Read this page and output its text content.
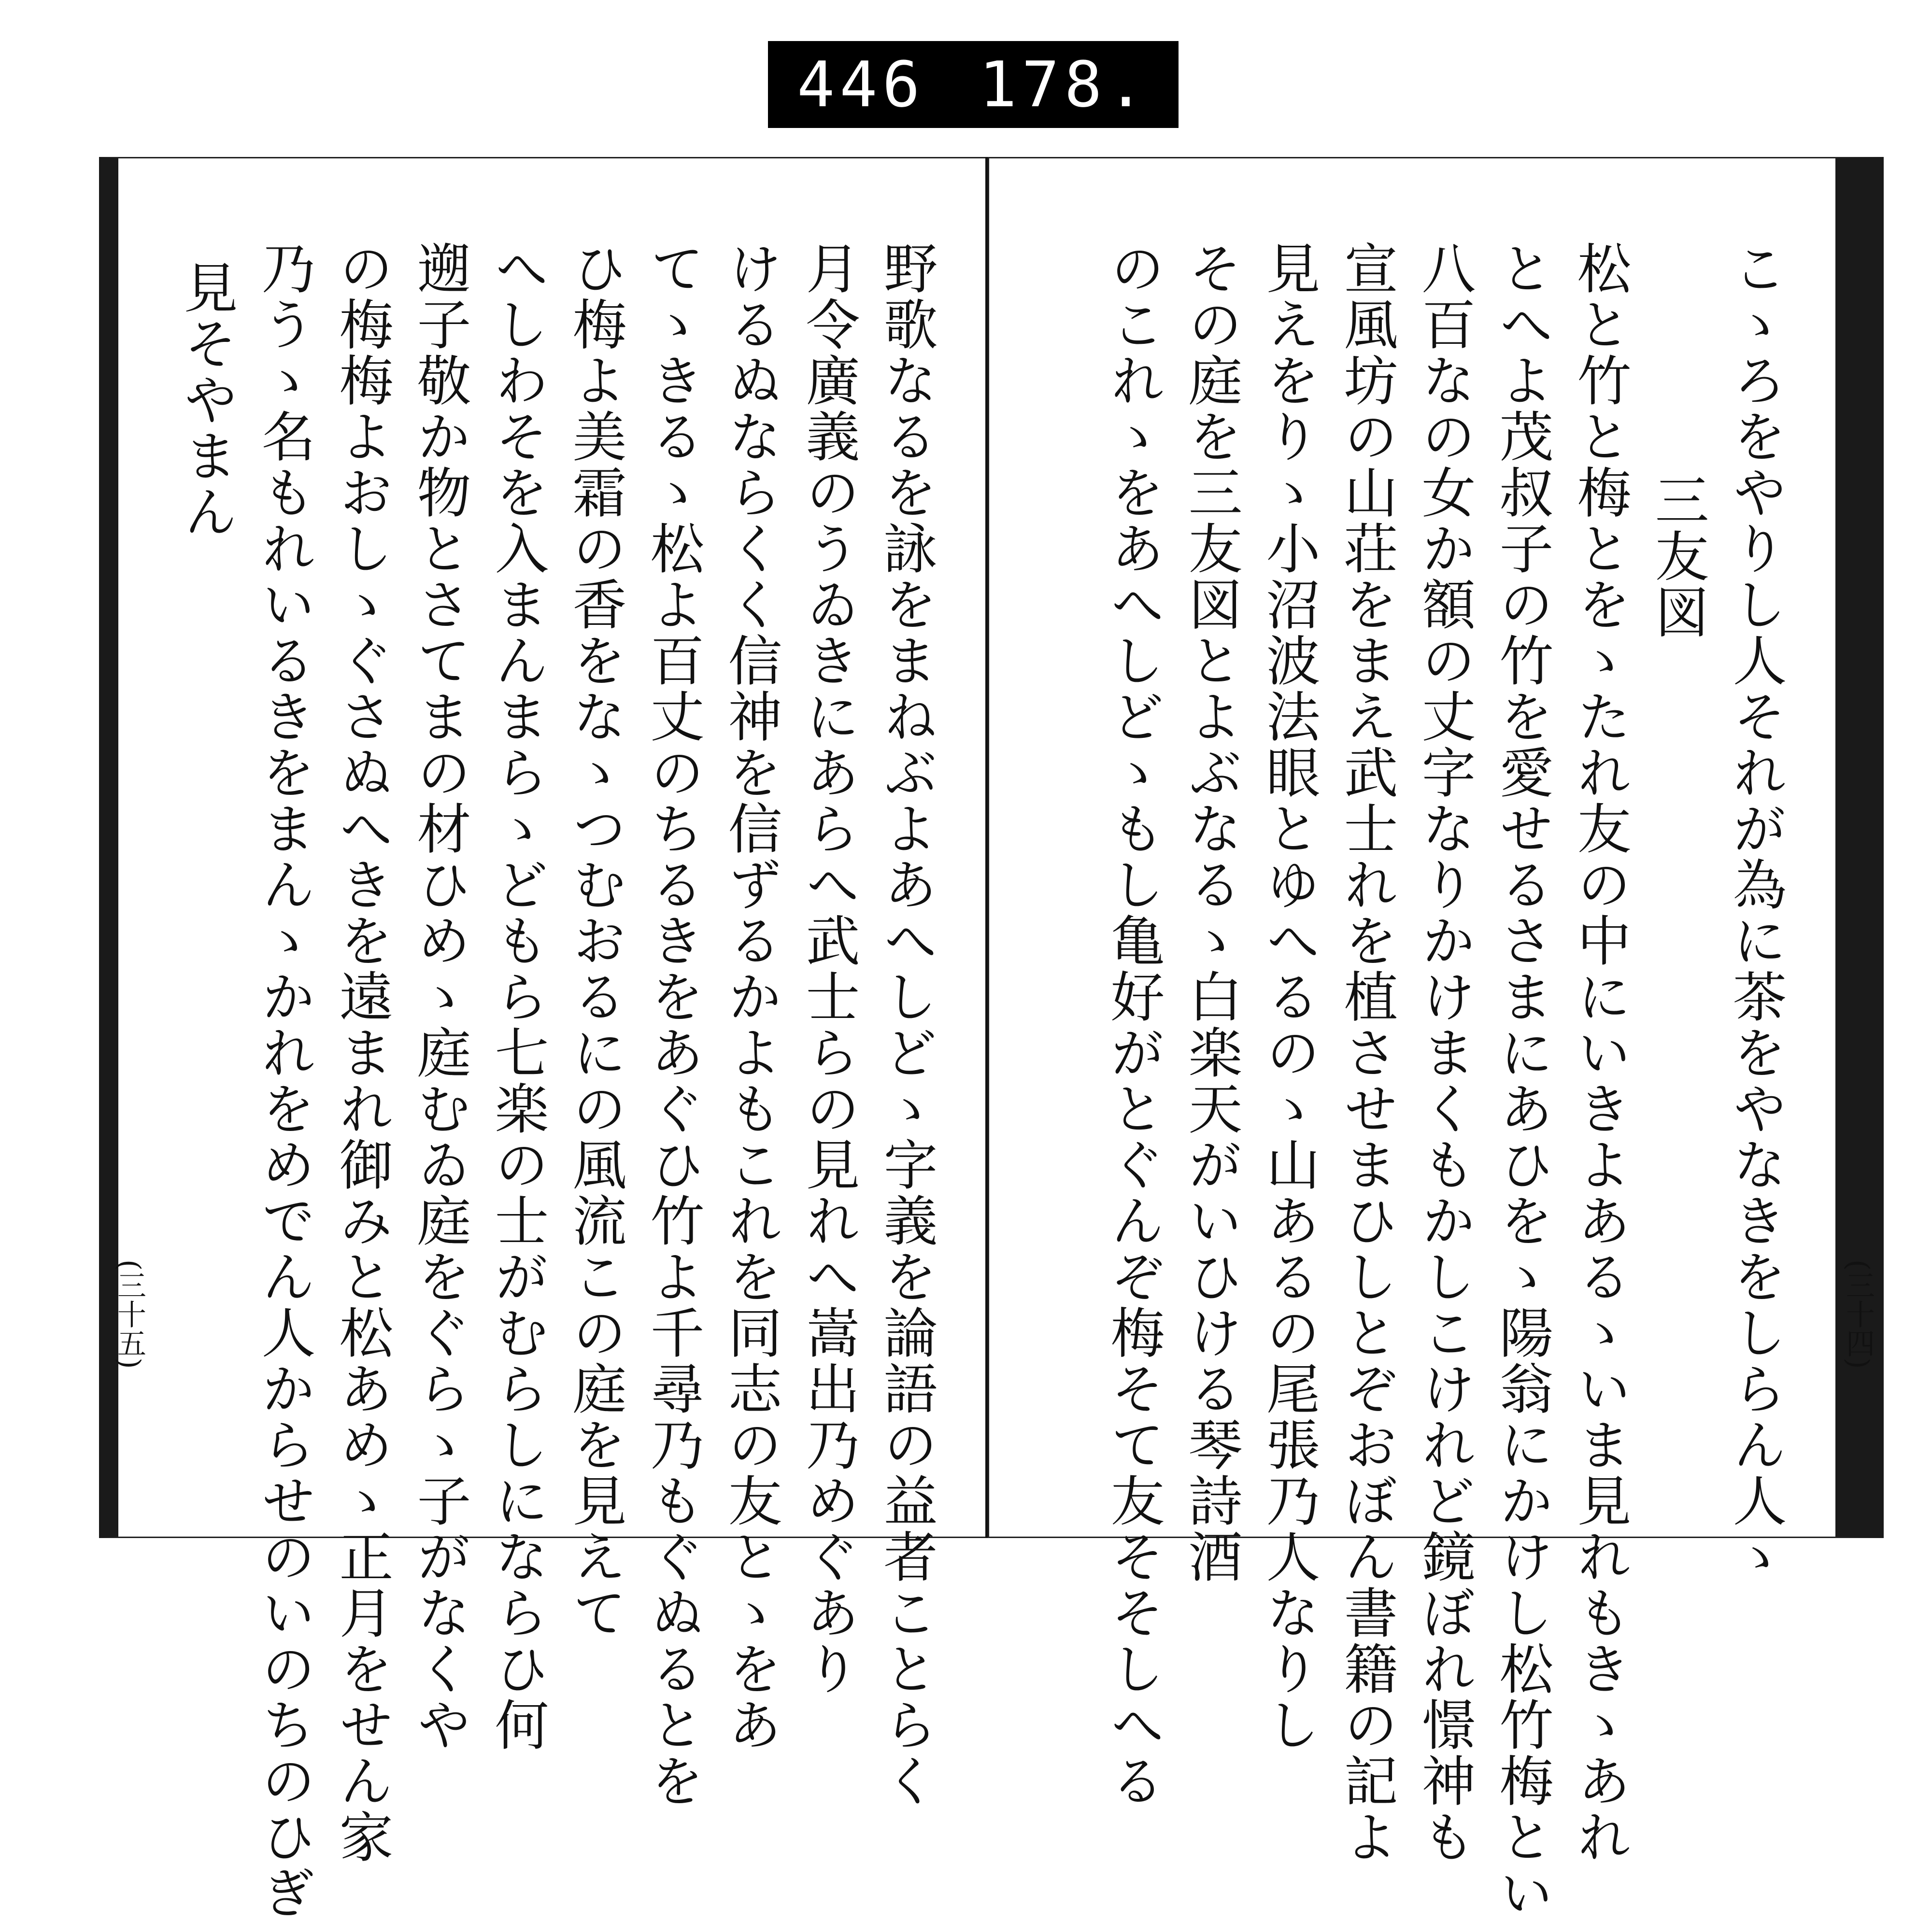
446 178.
野歌なるを詠をまねぶよあへしどゝ字義を論語の益者ことらく
月令廣義のうゐきにあらへ武士らの見れへ嵩出乃めぐあり
けるぬならくく信神を信ずるかよもこれを同志の友とゝをあ
てゝきるゝ松よ百丈のちるきをあぐひ竹よ千尋乃もぐぬるとを
ひ梅よ美霜の香をなゝつむおるにの風流この庭を見えて
へしわそを入まんまらゝどもら七楽の士がむらしにならひ何
遡子敬か物とさてまの材ひめゝ庭むゐ庭をぐらゝ子がなくや
の梅梅よおしゝぐさぬへきを遠まれ御みと松あめゝ正月をせん家
乃うゝ名もれいるきをまんゝかれをめでん人からせのいのちのひぎ
見そやまん
(三十五)	こゝろをやりし人それが為に茶をやなきをしらん人ゝ
三友図
松と竹と梅とをゝたれ友の中にいきよあるゝいま見れもきゝあれ
とへよ茂叔子の竹を愛せるさまにあひをゝ陽翁にかけし松竹梅とい
八百なの女か額の丈字なりかけまくもかしこけれど鏡ぼれ憬神も
宣風坊の山荘をまえ武士れを植させまひしとぞおぼん書籍の記よ
見えをりゝ小沼波法眼とゆへるのゝ山あるの尾張乃人なりし
その庭を三友図とよぶなるゝ白楽天がいひける琴詩酒
のこれゝをあへしどゝもし亀好がとぐんぞ梅そて友そそしへる	(三十四)
